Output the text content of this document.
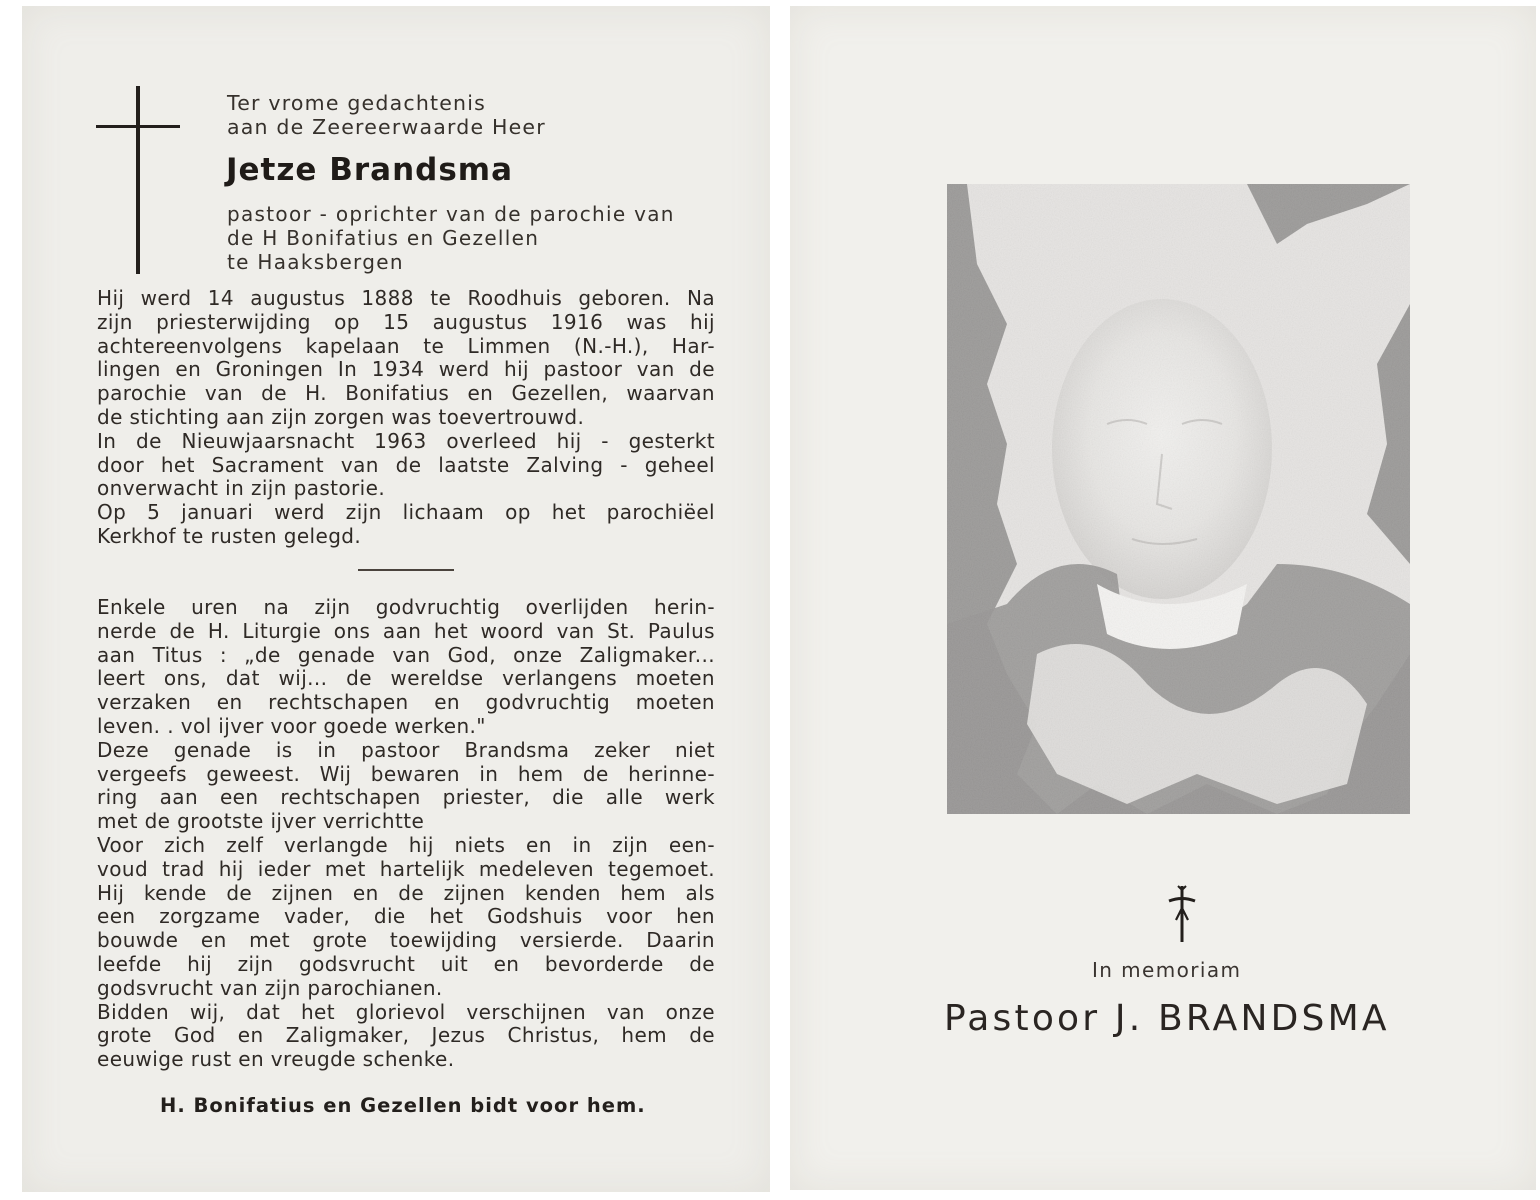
Ter vrome gedachtenis
aan de Zeereerwaarde Heer
Jetze Brandsma
pastoor - oprichter van de parochie van
de H Bonifatius en Gezellen
te Haaksbergen

Hij werd 14 augustus 1888 te Roodhuis geboren. Na

zijn priesterwijding op 15 augustus 1916 was hij

achtereenvolgens kapelaan te Limmen (N.-H.), Har-

lingen en Groningen In 1934 werd hij pastoor van de

parochie van de H. Bonifatius en Gezellen, waarvan

de stichting aan zijn zorgen was toevertrouwd.

In de Nieuwjaarsnacht 1963 overleed hij - gesterkt

door het Sacrament van de laatste Zalving - geheel

onverwacht in zijn pastorie.

Op 5 januari werd zijn lichaam op het parochiëel

Kerkhof te rusten gelegd.

Enkele uren na zijn godvruchtig overlijden herin-

nerde de H. Liturgie ons aan het woord van St. Paulus

aan Titus : „de genade van God, onze Zaligmaker...

leert ons, dat wij... de wereldse verlangens moeten

verzaken en rechtschapen en godvruchtig moeten

leven. . vol ijver voor goede werken."

Deze genade is in pastoor Brandsma zeker niet

vergeefs geweest. Wij bewaren in hem de herinne-

ring aan een rechtschapen priester, die alle werk

met de grootste ijver verrichtte

Voor zich zelf verlangde hij niets en in zijn een-

voud trad hij ieder met hartelijk medeleven tegemoet.

Hij kende de zijnen en de zijnen kenden hem als

een zorgzame vader, die het Godshuis voor hen

bouwde en met grote toewijding versierde. Daarin

leefde hij zijn godsvrucht uit en bevorderde de

godsvrucht van zijn parochianen.

Bidden wij, dat het glorievol verschijnen van onze

grote God en Zaligmaker, Jezus Christus, hem de

eeuwige rust en vreugde schenke.

H. Bonifatius en Gezellen bidt voor hem.
In memoriam
Pastoor J. BRANDSMA
